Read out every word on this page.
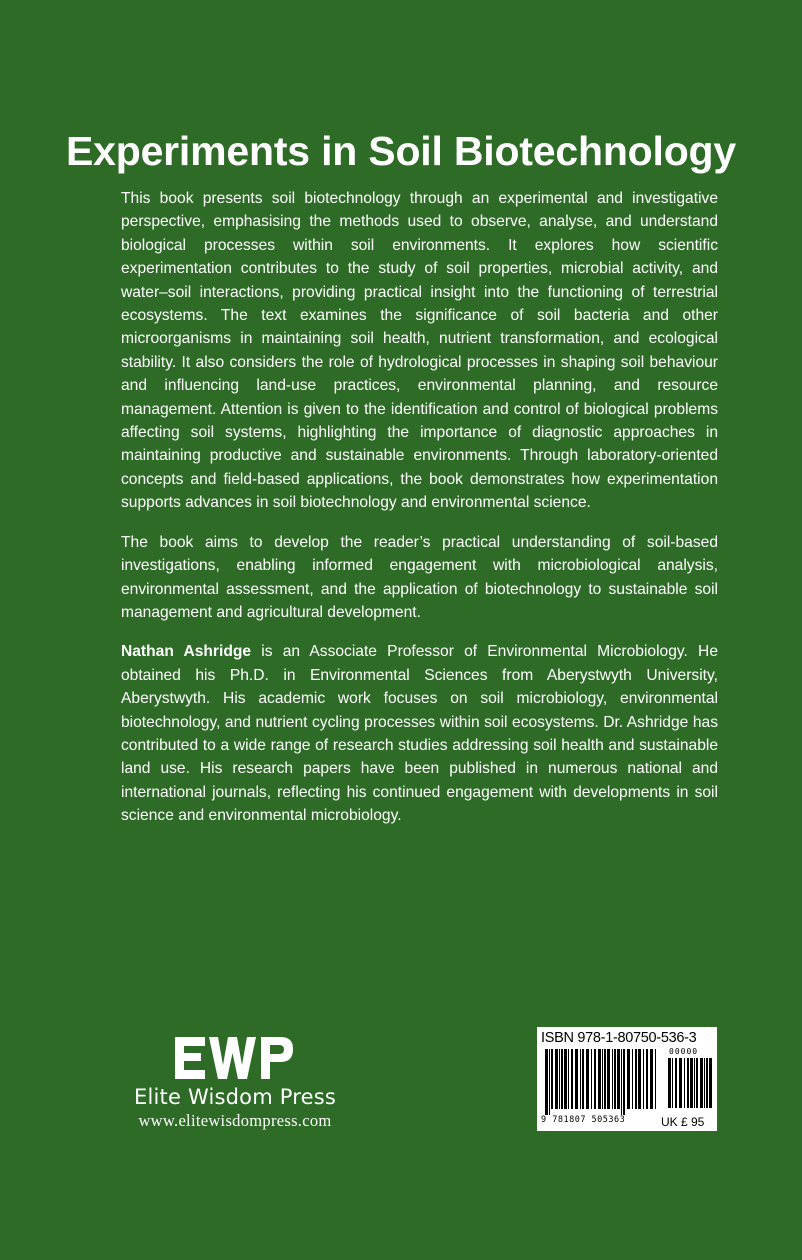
Experiments in Soil Biotechnology

This book presents soil biotechnology through an experimental and investigative perspective, emphasising the methods used to observe, analyse, and understand biological processes within soil environments. It explores how scientific experimentation contributes to the study of soil properties, microbial activity, and water–soil interactions, providing practical insight into the functioning of terrestrial ecosystems. The text examines the significance of soil bacteria and other microorganisms in maintaining soil health, nutrient transformation, and ecological stability. It also considers the role of hydrological processes in shaping soil behaviour and influencing land-use practices, environmental planning, and resource management. Attention is given to the identification and control of biological problems affecting soil systems, highlighting the importance of diagnostic approaches in maintaining productive and sustainable environments. Through laboratory-oriented concepts and field-based applications, the book demonstrates how experimentation supports advances in soil biotechnology and environmental science.

The book aims to develop the reader’s practical understanding of soil-based investigations, enabling informed engagement with microbiological analysis, environmental assessment, and the application of biotechnology to sustainable soil management and agricultural development.

Nathan Ashridge is an Associate Professor of Environmental Microbiology. He obtained his Ph.D. in Environmental Sciences from Aberystwyth University, Aberystwyth. His academic work focuses on soil microbiology, environmental biotechnology, and nutrient cycling processes within soil ecosystems. Dr. Ashridge has contributed to a wide range of research studies addressing soil health and sustainable land use. His research papers have been published in numerous national and international journals, reflecting his continued engagement with developments in soil science and environmental microbiology.

Elite Wisdom Press
www.elitewisdompress.com
ISBN 978-1-80750-536-3
00000
9 781807 505363	UK £ 95
